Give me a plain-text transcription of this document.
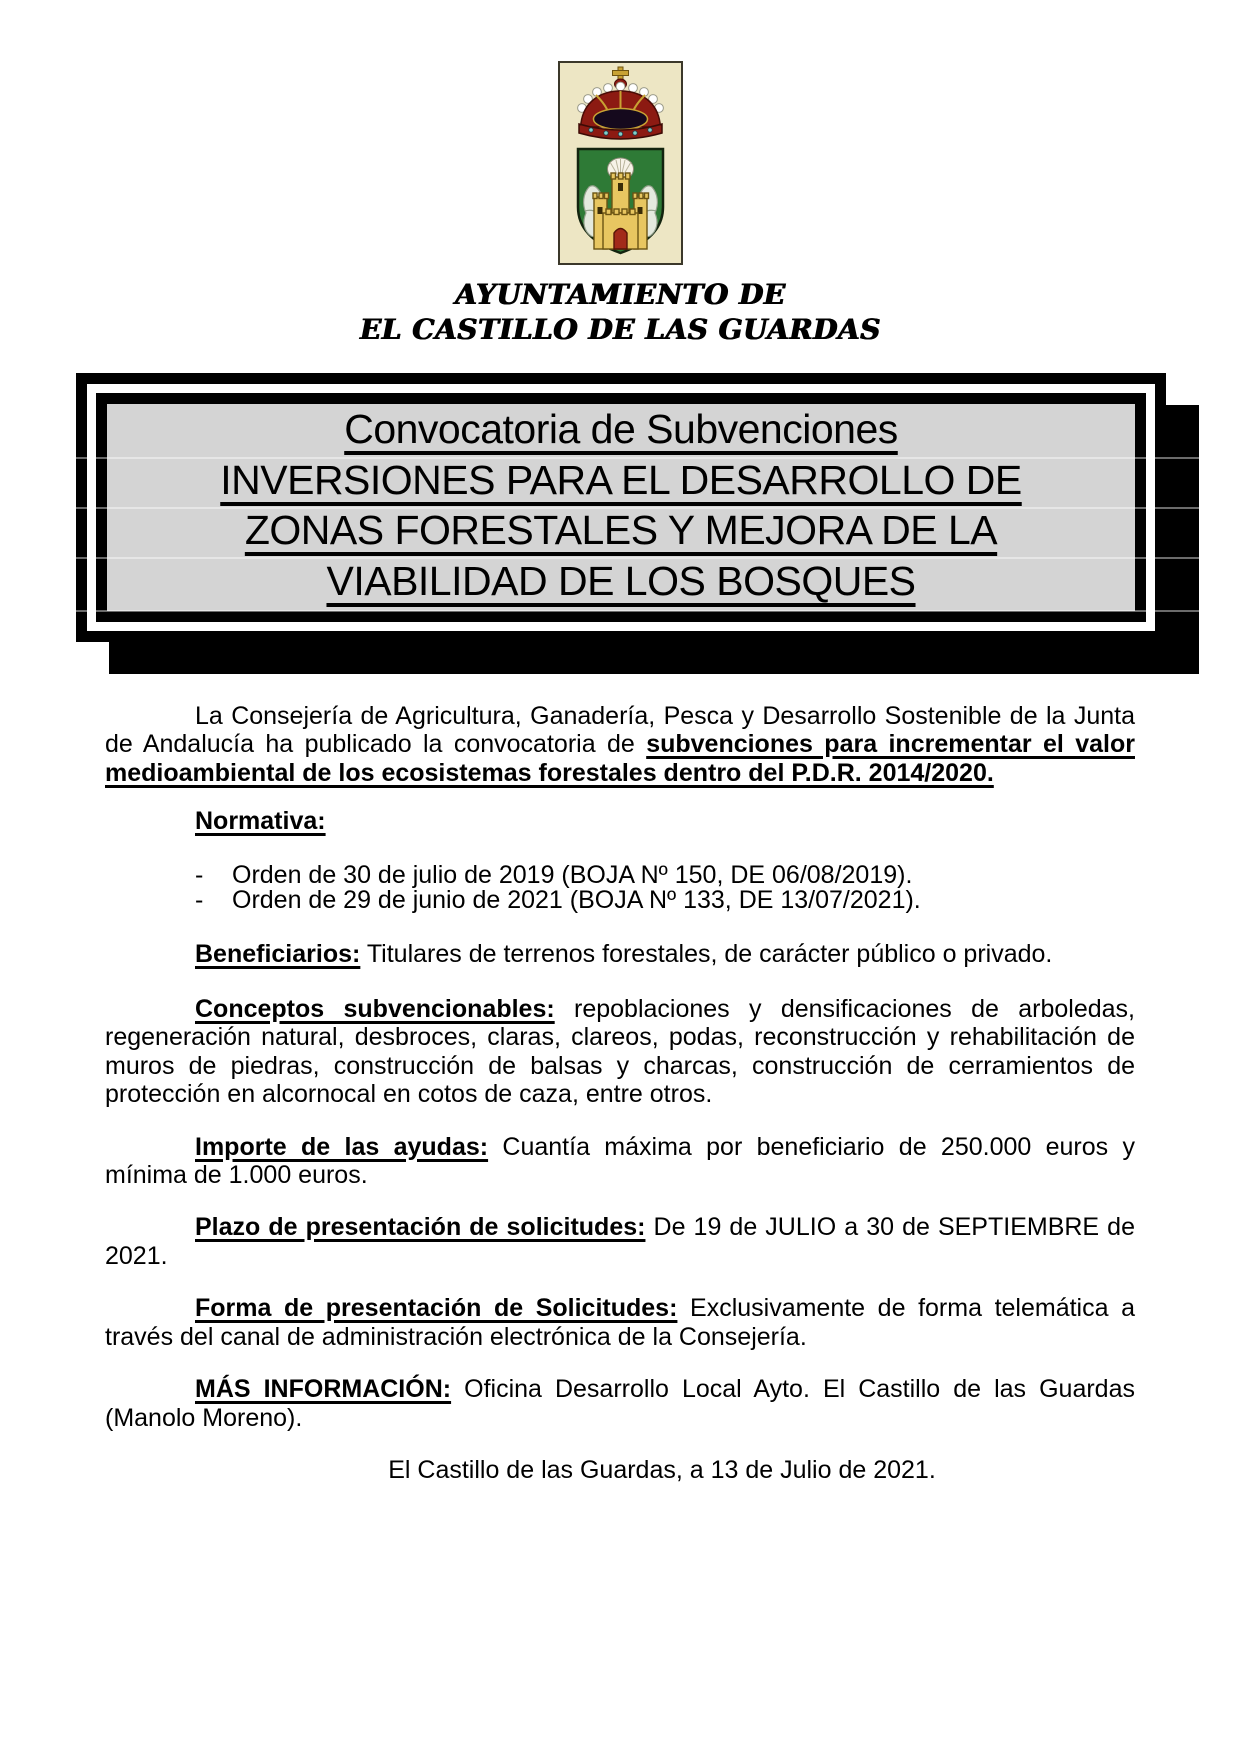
AYUNTAMIENTO DE
EL CASTILLO DE LAS GUARDAS
Convocatoria de Subvenciones
INVERSIONES PARA EL DESARROLLO DE
ZONAS FORESTALES Y MEJORA DE LA
VIABILIDAD DE LOS BOSQUES

La Consejería de Agricultura, Ganadería, Pesca y Desarrollo Sostenible de la Junta de Andalucía ha publicado la convocatoria de subvenciones para incrementar el valor medioambiental de los ecosistemas forestales dentro del P.D.R. 2014/2020.

Normativa:

- Orden de 30 de julio de 2019 (BOJA Nº 150, DE 06/08/2019).
- Orden de 29 de junio de 2021 (BOJA Nº 133, DE 13/07/2021).

Beneficiarios: Titulares de terrenos forestales, de carácter público o privado.

Conceptos subvencionables: repoblaciones y densificaciones de arboledas, regeneración natural, desbroces, claras, clareos, podas, reconstrucción y rehabilitación de muros de piedras, construcción de balsas y charcas, construcción de cerramientos de protección en alcornocal en cotos de caza, entre otros.

Importe de las ayudas: Cuantía máxima por beneficiario de 250.000 euros y mínima de 1.000 euros.

Plazo de presentación de solicitudes: De 19 de JULIO a 30 de SEPTIEMBRE de 2021.

Forma de presentación de Solicitudes: Exclusivamente de forma telemática a través del canal de administración electrónica de la Consejería.

MÁS INFORMACIÓN: Oficina Desarrollo Local Ayto. El Castillo de las Guardas (Manolo Moreno).

El Castillo de las Guardas, a 13 de Julio de 2021.
